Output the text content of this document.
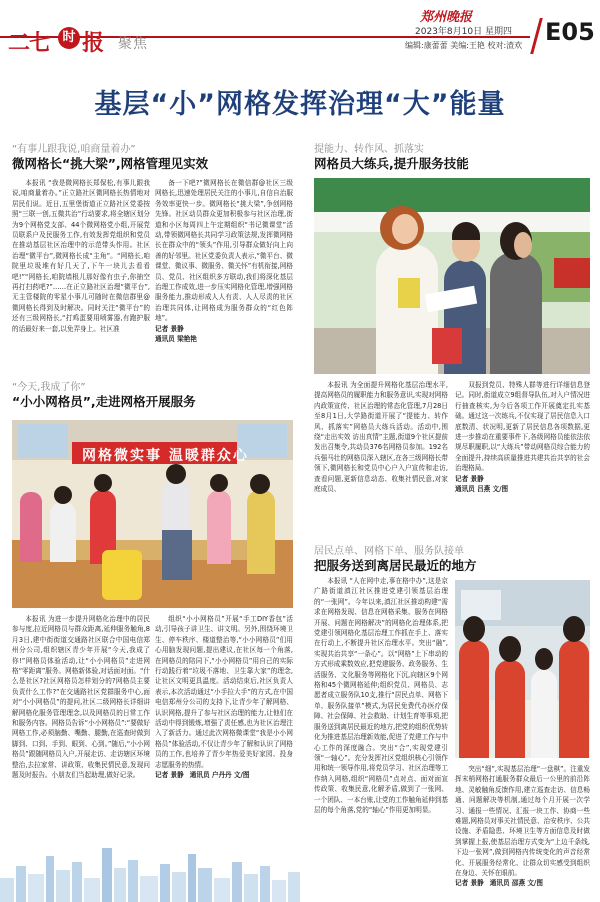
二七 时 报 聚焦
郑州晚报
2023年8月10日 星期四
编辑:康蕾蕾 美编:王艳 校对:渣欢 E05
基层“小”网格发挥治理“大”能量
“有事儿跟我说,咱商量着办”
微网格长“挑大梁”,网格管理见实效

本报讯 “我是微网格长郑保松,有事儿跟我说,咱商量着办。”正立路社区微网格长热情地对居民们说。近日,五里堡街道正立路社区党委按照“三联一创,五微共治”行动要求,将全辖区划分为9个网格党支部、44个微网格党小组,开展党员联系户及民服务工作,有效发挥党组织和党员在推动基层社区治理中的示范带头作用。社区治理“微平台”,微网格长成“主角”。“网格长,咱院里垃圾堆有好几天了,下午一块儿去看看吧!”“网格长,咱院墙根儿那好像有虫子,你抽空再打扫药吧?”……在正立路社区治理“微平台”,无主管楼院的零星小事儿可随时在微信群里@微网格长得到及时解决。同时关注“微平台”的还有三级网格长,“打鸡蛋要用喷雾器,有跑护服的话最好来一套,以免弄身上。社区准

备一下吧?”微网格长在微信群@社区三级网格长,迅速处理居民关注的小事儿,自信自治服务效率更快一步。微网格长“挑大梁”,争创网格先锋。社区动员群众更加积极参与社区治理,街道和小区每周四上午定期组织“书记微课堂”活动,带领微网格长共同学习政策法规,发挥微网格长在群众中的“领头”作用,引导群众做好向上向善的好邻里。社区党委负责人表示,“微平台、微课堂、微议事、微服务、微关怀”有机衔接,网格员、党员、社区组织多方联动,我们将深化基层治理工作成效,进一步压实网格化管理,增强网格服务能力,推动形成人人有责、人人尽责的社区治理共同体,让网格成为服务群众的“红色阵地”。

记者 景静
通讯员 梁艳艳
“今天,我成了你”
“小小网格员”,走进网格开展服务
网格微实事 温暖群众心

本报讯 为进一步提升网格化治理中的居民参与度,拉近网格员与群众距离,延伸服务触角,8月3日,建中街街道交通路社区联合中国电信郑州分公司,组织辖区青少年开展“今天,我成了你!”网格员体验活动,让“小小网格员”走进网格“零距离”服务。网格新体验,对话面对面。“什么是社区?社区网格员怎样划分的?网格员主要负责什么工作?”在交通路社区党群服务中心,面对“小小网格员”的提问,社区二级网格长详细讲解网格化服务管理理念,以及网格员的日常工作和服务内容。网格员告诉“小小网格员”:“要做好网格工作,必须脑勤、嘴勤、腿勤,在巡查时做到脚到、口到、手到、眼到、心到。”随后,“小小网格员”跟随网格员入户,开展走访、走访辖区环境整治,去拉家常、讲政策、收集民情民意,发现问题及时报告。小朋友们当起助理,做好记录。

组织“小小网格员”开展“手工DIY香包”活动,引导孩子讲卫生、讲文明。另外,围绕环境卫生、停车秩序、楼道整治等,“小小网格员”们用心用脑发现问题,提出建议,在社区每一个角落,在网格员的陪同下,“小小网格员”用自己的实际行动践行着“垃圾不落地、卫生靠大家”的理念,让社区文明更具温度。活动结束后,社区负责人表示,本次活动通过“小手拉大手”的方式,在中国电信郑州分公司的支持下,让青少年了解网格、认识网格,提升了参与社区治理的能力,让他们在活动中得到锻炼,增强了责任感,也为社区治理注入了新活力。通过此次网格微课堂“我是小小网格员”体验活动,不仅让青少年了解和认识了网格员的工作,也培养了青少年热爱美好家园、投身志愿服务的热情。

记者 景静 通讯员 户丹丹 文/图
提能力、转作风、抓落实
网格员大练兵,提升服务技能

本报讯 为全面提升网格化基层治理水平,提高网格员的履职能力和服务意识,实现对网格内政策宣传、社区治理的常态化管理,7月28日至8月1日,大学路街道开展了“提能力、转作风、抓落实”网格员大练兵活动。活动中,围绕“走出实效 访出真情”主题,街道9个社区提前发出召集令,共动员376名网格员参加。192名兵强马壮的网格员深入辖区,在各三级网格长带领下,微网格长和党员中心户入户宣传和走访,查看问题,更新信息动态、收集社情民意,对家庭成员、

双报到党员、特殊人群等进行详细信息登记。同时,街道成立9组督导队伍,对入户情况进行抽查核实,为今后各项工作开展奠定扎实基础。通过这一次练兵,不仅实现了居民信息入口底数清、状况明,更新了居民信息各项数据,更进一步推动在重要事件下,各级网格员能依法依规尽职履职,以“大练兵”带动网格员综合能力的全面提升,持续高质量推进共建共治共享的社会治理格局。

记者 景静
通讯员 吕燕 文/图
居民点单、网格下单、服务队接单
把服务送到离居民最近的地方

本报讯 “人在网中走,事在格中办”,这是京广路街道滇江社区推进党建引领基层治理的“一张网”。今年以来,滇江社区推动构建“需求在网格发现、信息在网格采集、服务在网格开展、问题在网格解决”的网格化治理体系,把党建引领网格化基层治理工作抓在手上、落实在行动上,不断提升社区治理水平。突出“融”,实现共治共享“一条心”。以“网格”上下串动的方式形成乘数效应,把党建服务、政务服务、生活服务、文化服务等网格化下沉,向辖区9个网格和45个微网格延伸;组织党员、网格员、志愿者成立服务队10支,推行“居民点单、网格下单、服务队接单”模式,为居民免费代办医疗保障、社会保障、社会救助、计划生育等事项,把服务送到离居民最近的地方,把党的组织优势转化为推进基层治理新效能,促进了党建工作与中心工作的深度融合。突出“合”,实现党建引领“一轴心”。充分发挥社区党组织核心引领作用和统一领导作用,将党员学习、社区治理等工作纳入网格,组织“网格员”点对点、面对面宣传政策、收集民意,化解矛盾,做到了一张网、一个团队、一本台账,让党的工作触角延伸到基层的每个角落,党的“轴心”作用更加明显。

突出“细”,实现基层治理“一盘棋”。注重发挥末梢网格打通服务群众最后一公里的前沿阵地、灵敏触角反馈作用,建立巡查走访、信息畅通、问题解决等机制,通过每个月开展一次学习、通报一些情况、汇报一块工作、协商一些难题,网格员对事关社情民意、治安秩序、公共设施、矛盾隐患、环境卫生等方面信息及时做到掌握上报,使基层治理方式变为“上边千条线,下边一张网”,做到网格内传统变化的声音经常化、开展服务经常化、让群众切实感受到组织在身边、关怀在眼前。

记者 景静 通讯员 邵燕 文/图
